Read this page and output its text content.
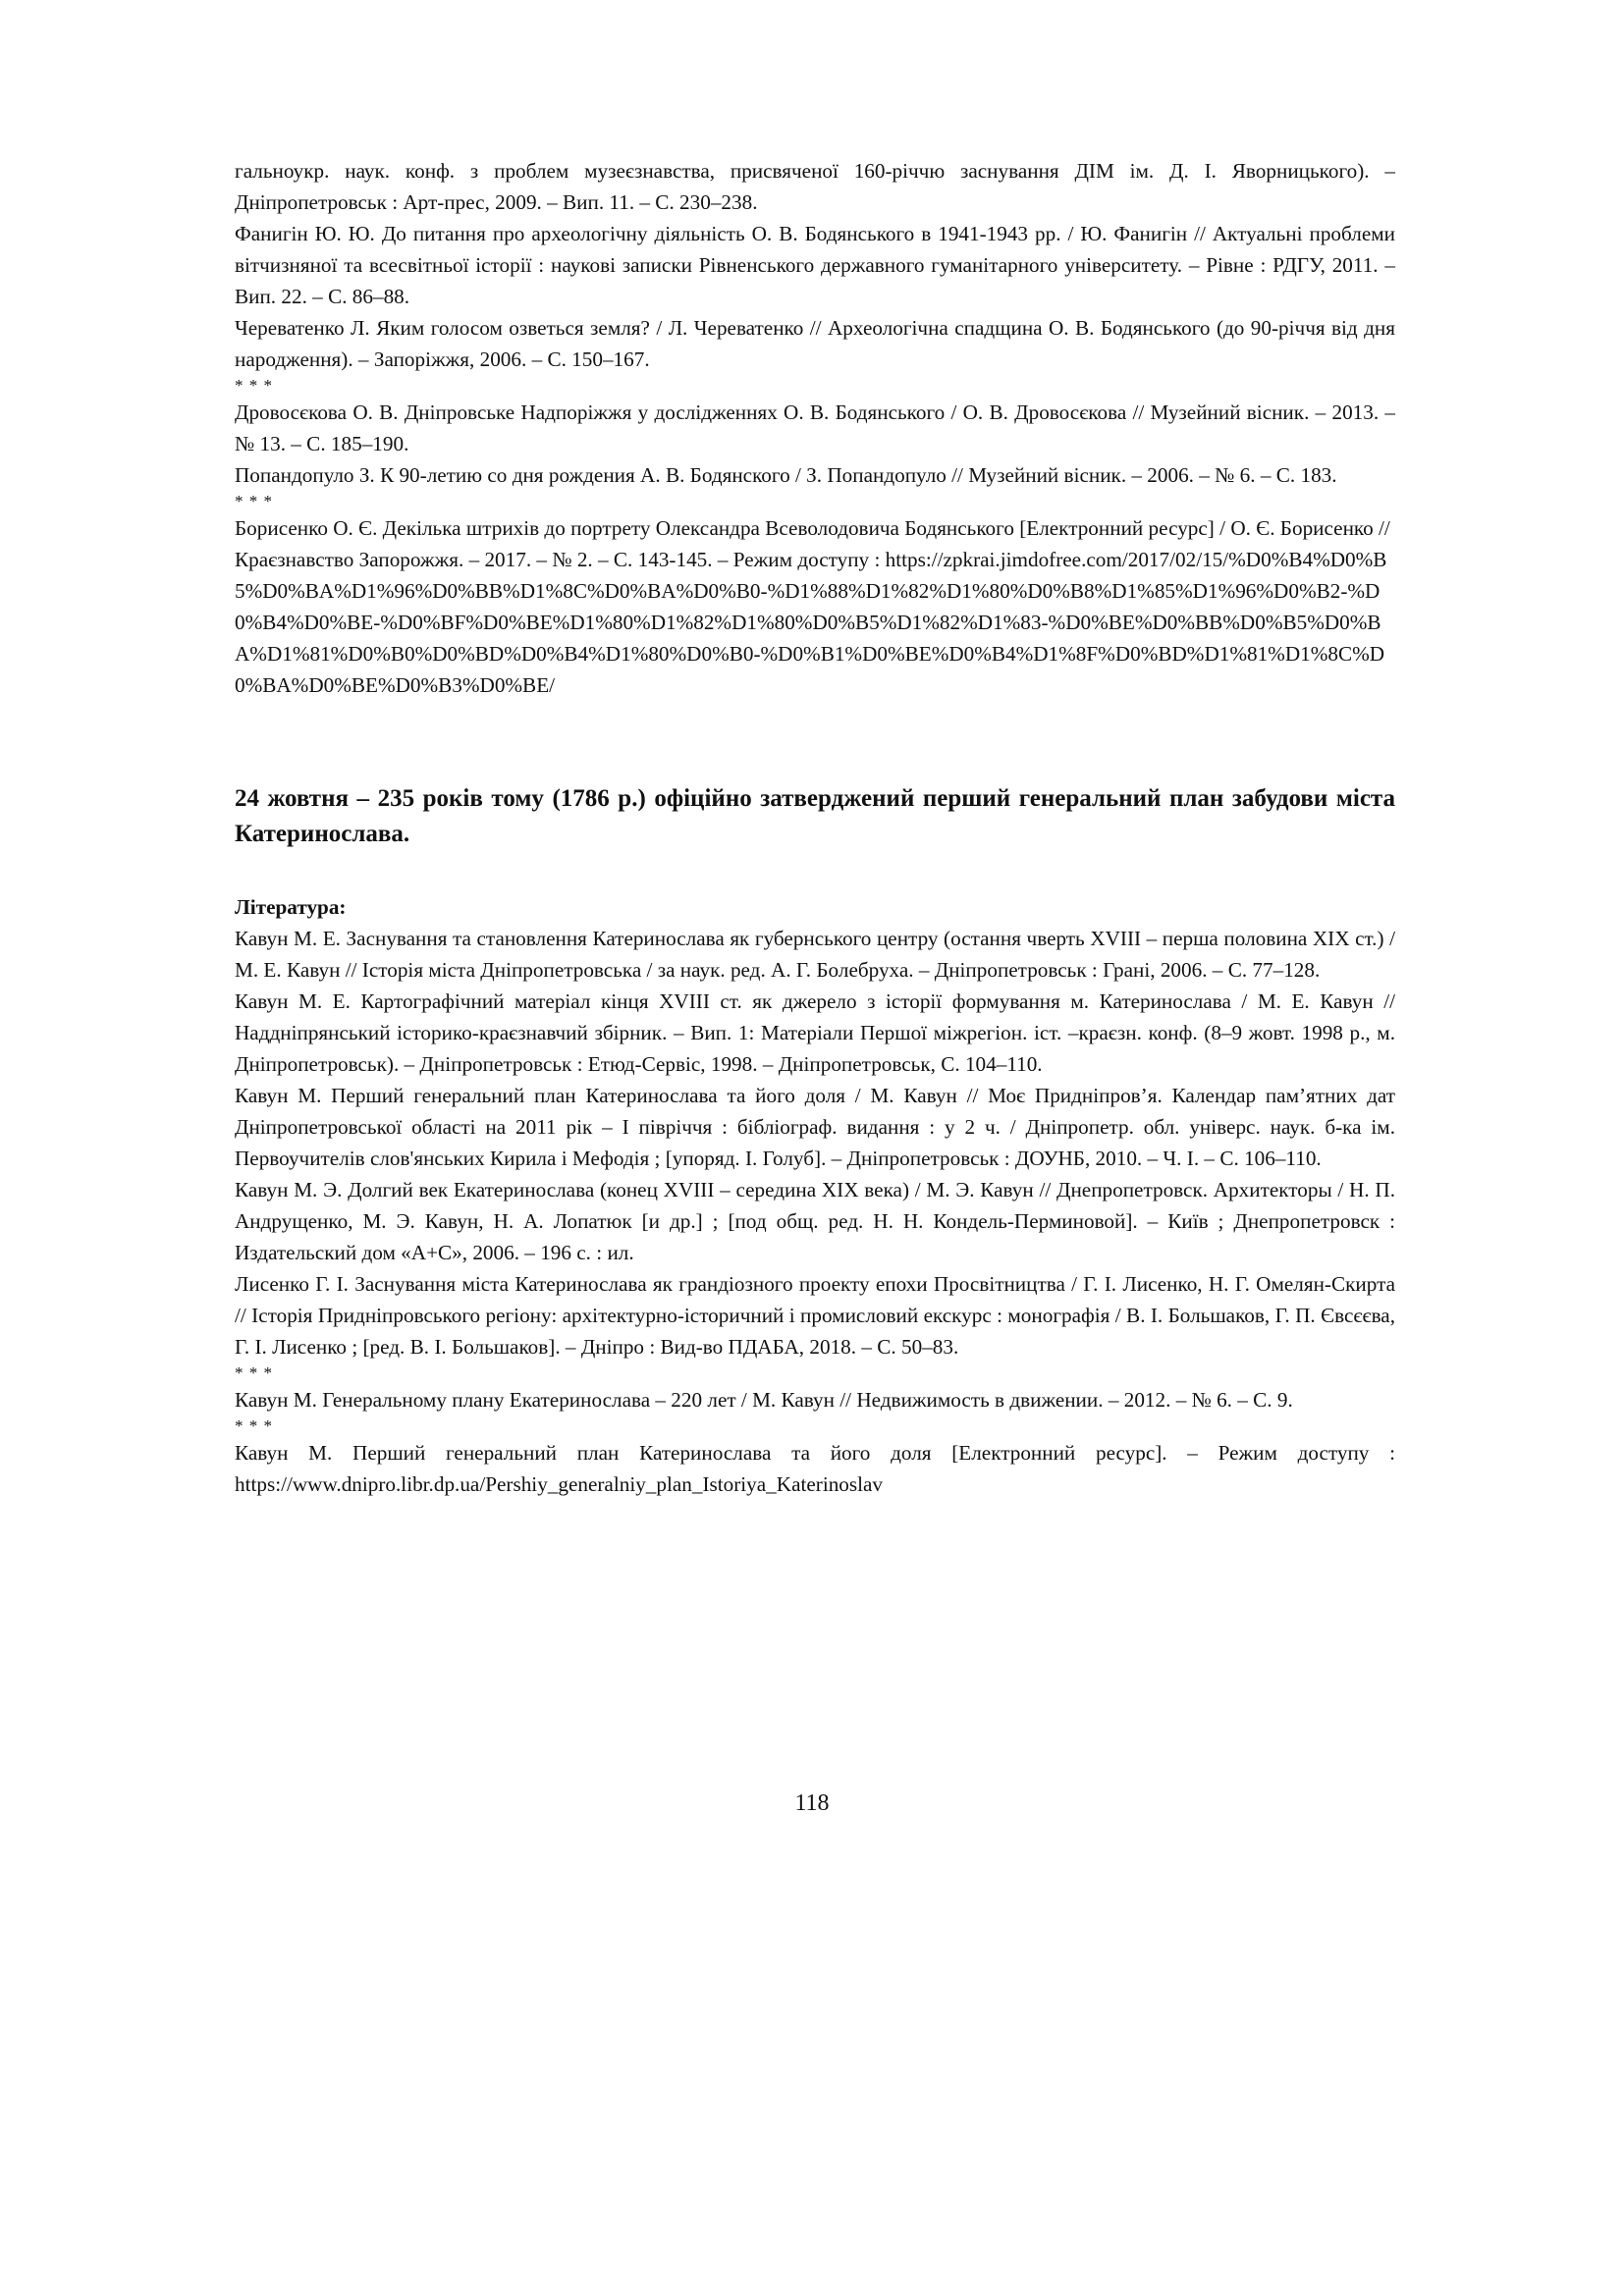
гальноукр. наук. конф. з проблем музеєзнавства, присвяченої 160-річчю заснування ДІМ ім. Д. І. Яворницького). – Дніпропетровськ : Арт-прес, 2009. – Вип. 11. – С. 230–238.

Фанигін Ю. Ю. До питання про археологічну діяльність О. В. Бодянського в 1941-1943 рр. / Ю. Фанигін // Актуальні проблеми вітчизняної та всесвітньої історії : наукові записки Рівненського державного гуманітарного університету. – Рівне : РДГУ, 2011. – Вип. 22. – С. 86–88.

Череватенко Л. Яким голосом озветься земля? / Л. Череватенко // Археологічна спадщина О. В. Бодянського (до 90-річчя від дня народження). – Запоріжжя, 2006. – С. 150–167.

* * *

Дровосєкова О. В. Дніпровське Надпоріжжя у дослідженнях О. В. Бодянського / О. В. Дровосєкова // Музейний вісник. – 2013. – № 13. – С. 185–190.

Попандопуло З. К 90-летию со дня рождения А. В. Бодянского / З. Попандопуло // Музейний вісник. – 2006. – № 6. – С. 183.

* * *

Борисенко О. Є. Декілька штрихів до портрету Олександра Всеволодовича Бодянського [Електронний ресурс] / О. Є. Борисенко // Краєзнавство Запорожжя. – 2017. – № 2. – С. 143-145. – Режим доступу : https://zpkrai.jimdofree.com/2017/02/15/%D0%B4%D0%B5%D0%BA%D1%96%D0%BB%D1%8C%D0%BA%D0%B0-%D1%88%D1%82%D1%80%D0%B8%D1%85%D1%96%D0%B2-%D0%B4%D0%BE-%D0%BF%D0%BE%D1%80%D1%82%D1%80%D0%B5%D1%82%D1%83-%D0%BE%D0%BB%D0%B5%D0%BA%D1%81%D0%B0%D0%BD%D0%B4%D1%80%D0%B0-%D0%B1%D0%BE%D0%B4%D1%8F%D0%BD%D1%81%D1%8C%D0%BA%D0%BE%D0%B3%D0%BE/

24 жовтня – 235 років тому (1786 р.) офіційно затверджений перший генеральний план забудови міста Катеринослава.

Література:

Кавун М. Е. Заснування та становлення Катеринослава як губернського центру (остання чверть XVIII – перша половина XIX ст.) / М. Е. Кавун // Історія міста Дніпропетровська / за наук. ред. А. Г. Болебруха. – Дніпропетровськ : Грані, 2006. – С. 77–128.

Кавун М. Е. Картографічний матеріал кінця XVIII ст. як джерело з історії формування м. Катеринослава / М. Е. Кавун // Наддніпрянський історико-краєзнавчий збірник. – Вип. 1: Матеріали Першої міжрегіон. іст. –краєзн. конф. (8–9 жовт. 1998 р., м. Дніпропетровськ). – Дніпропетровськ : Етюд-Сервіс, 1998. – Дніпропетровськ, С. 104–110.

Кавун М. Перший генеральний план Катеринослава та його доля / М. Кавун // Моє Придніпров’я. Календар пам’ятних дат Дніпропетровської області на 2011 рік – I півріччя : бібліограф. видання : у 2 ч. / Дніпропетр. обл. універс. наук. б-ка ім. Первоучителів слов'янських Кирила і Мефодія ; [упоряд. І. Голуб]. – Дніпропетровськ : ДОУНБ, 2010. – Ч. I. – С. 106–110.

Кавун М. Э. Долгий век Екатеринослава (конец XVIII – середина XIX века) / М. Э. Кавун // Днепропетровск. Архитекторы / Н. П. Андрущенко, М. Э. Кавун, Н. А. Лопатюк [и др.] ; [под общ. ред. Н. Н. Кондель-Перминовой]. – Київ ; Днепропетровск : Издательский дом «А+С», 2006. – 196 с. : ил.

Лисенко Г. І. Заснування міста Катеринослава як грандіозного проекту епохи Просвітництва / Г. І. Лисенко, Н. Г. Омелян-Скирта // Історія Придніпровського регіону: архітектурно-історичний і промисловий екскурс : монографія / В. І. Большаков, Г. П. Євсєєва, Г. І. Лисенко ; [ред. В. І. Большаков]. – Дніпро : Вид-во ПДАБА, 2018. – С. 50–83.

* * *

Кавун М. Генеральному плану Екатеринослава – 220 лет / М. Кавун // Недвижимость в движении. – 2012. – № 6. – С. 9.

* * *

Кавун М. Перший генеральний план Катеринослава та його доля [Електронний ресурс]. – Режим доступу : https://www.dnipro.libr.dp.ua/Pershiy_generalniy_plan_Istoriya_Katerinoslav

118
